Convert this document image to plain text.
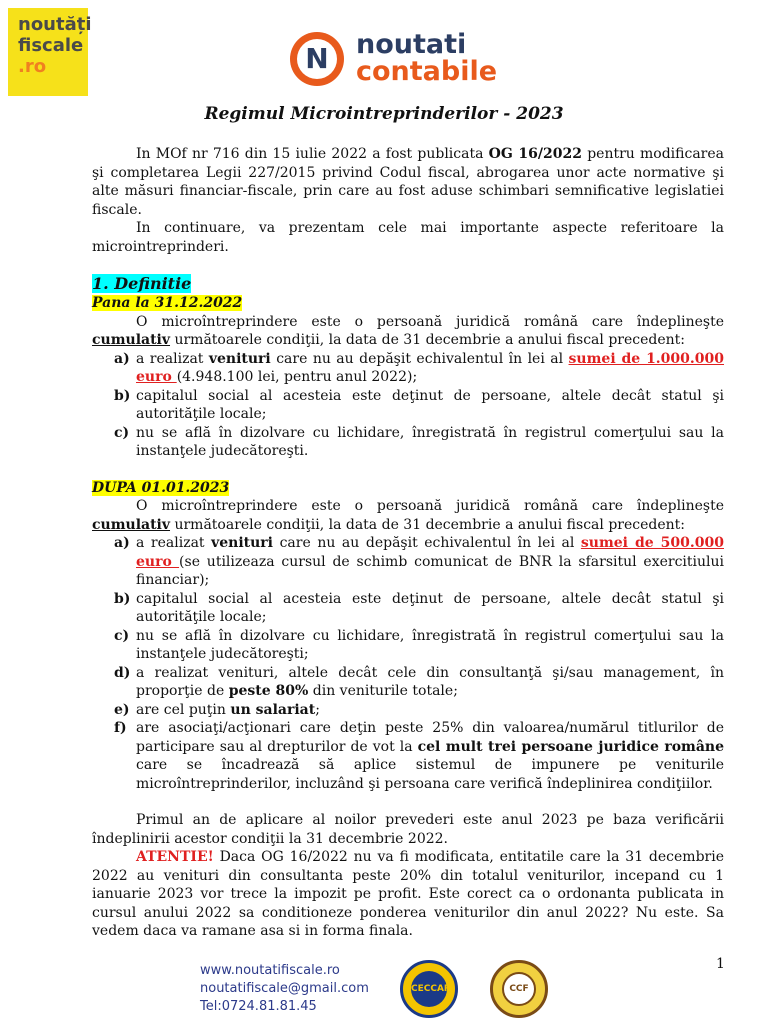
noutăți
fiscale
.ro	N	noutati
contabile
Regimul Microintreprinderilor - 2023

In MOf nr 716 din 15 iulie 2022 a fost publicata OG 16/2022 pentru modificarea şi completarea Legii 227/2015 privind Codul fiscal, abrogarea unor acte normative şi alte măsuri financiar-fiscale, prin care au fost aduse schimbari semnificative legislatiei fiscale.

In continuare, va prezentam cele mai importante aspecte referitoare la microintreprinderi.

1. Definitie

Pana la 31.12.2022

O microîntreprindere este o persoană juridică română care îndeplineşte cumulativ următoarele condiţii, la data de 31 decembrie a anului fiscal precedent:

a) a realizat venituri care nu au depăşit echivalentul în lei al sumei de 1.000.000 euro (4.948.100 lei, pentru anul 2022);
b) capitalul social al acesteia este deţinut de persoane, altele decât statul şi autorităţile locale;
c) nu se află în dizolvare cu lichidare, înregistrată în registrul comerţului sau la instanţele judecătoreşti.

DUPA 01.01.2023

O microîntreprindere este o persoană juridică română care îndeplineşte cumulativ următoarele condiţii, la data de 31 decembrie a anului fiscal precedent:

a) a realizat venituri care nu au depăşit echivalentul în lei al sumei de 500.000 euro (se utilizeaza cursul de schimb comunicat de BNR la sfarsitul exercitiului financiar);
b) capitalul social al acesteia este deţinut de persoane, altele decât statul şi autorităţile locale;
c) nu se află în dizolvare cu lichidare, înregistrată în registrul comerţului sau la instanţele judecătoreşti;
d) a realizat venituri, altele decât cele din consultanţă şi/sau management, în proporţie de peste 80% din veniturile totale;
e) are cel puţin un salariat;
f) are asociaţi/acţionari care deţin peste 25% din valoarea/numărul titlurilor de participare sau al drepturilor de vot la cel mult trei persoane juridice române care se încadrează să aplice sistemul de impunere pe veniturile microîntreprinderilor, incluzând şi persoana care verifică îndeplinirea condiţiilor.

Primul an de aplicare al noilor prevederi este anul 2023 pe baza verificării îndeplinirii acestor condiţii la 31 decembrie 2022.

ATENTIE! Daca OG 16/2022 nu va fi modificata, entitatile care la 31 decembrie 2022 au venituri din consultanta peste 20% din totalul veniturilor, incepand cu 1 ianuarie 2023 vor trece la impozit pe profit. Este corect ca o ordonanta publicata in cursul anului 2022 sa conditioneze ponderea veniturilor din anul 2022? Nu este. Sa vedem daca va ramane asa si in forma finala.

1
www.noutatifiscale.ro
noutatifiscale@gmail.com
Tel:0724.81.81.45
CECCAR	CCF
